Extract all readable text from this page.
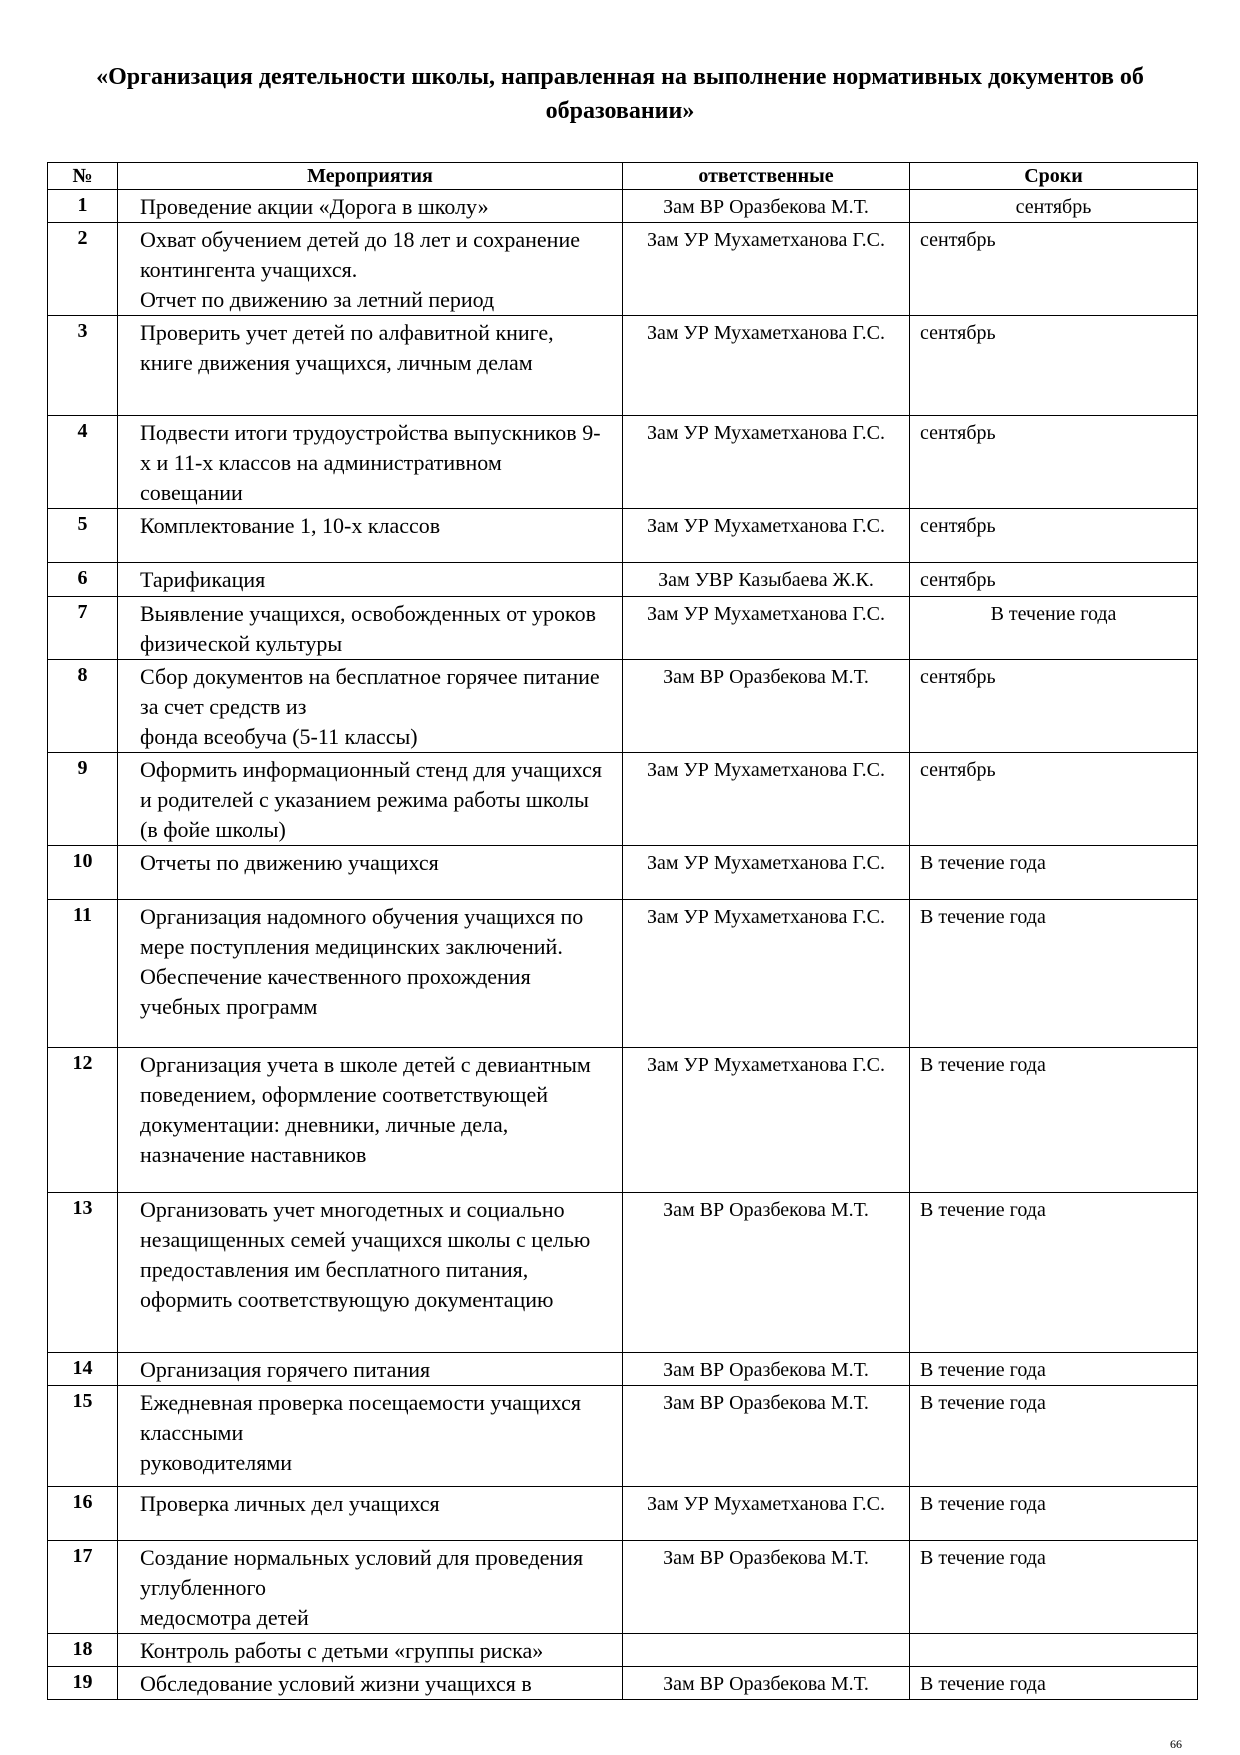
«Организация деятельности школы, направленная на выполнение нормативных документов об образовании»
№	Мероприятия	ответственные	Сроки
1	Проведение акции «Дорога в школу»	Зам ВР Оразбекова М.Т.	сентябрь
2	Охват обучением детей до 18 лет и сохранение контингента учащихся.
Отчет по движению за летний период	Зам УР Мухаметханова Г.С.	сентябрь
3	Проверить учет детей по алфавитной книге, книге движения учащихся, личным делам	Зам УР Мухаметханова Г.С.	сентябрь
4	Подвести итоги трудоустройства выпускников 9-х и 11-х классов на административном совещании	Зам УР Мухаметханова Г.С.	сентябрь
5	Комплектование 1, 10-х классов	Зам УР Мухаметханова Г.С.	сентябрь
6	Тарификация	Зам УВР Казыбаева Ж.К.	сентябрь
7	Выявление учащихся, освобожденных от уроков физической культуры	Зам УР Мухаметханова Г.С.	В течение года
8	Сбор документов на бесплатное горячее питание за счет средств из
фонда всеобуча (5-11 классы)	Зам ВР Оразбекова М.Т.	сентябрь
9	Оформить информационный стенд для учащихся и родителей с указанием режима работы школы (в фойе школы)	Зам УР Мухаметханова Г.С.	сентябрь
10	Отчеты по движению учащихся	Зам УР Мухаметханова Г.С.	В течение года
11	Организация надомного обучения учащихся по мере поступления медицинских заключений.
Обеспечение качественного прохождения учебных программ	Зам УР Мухаметханова Г.С.	В течение года
12	Организация учета в школе детей с девиантным поведением, оформление соответствующей документации: дневники, личные дела, назначение наставников	Зам УР Мухаметханова Г.С.	В течение года
13	Организовать учет многодетных и социально незащищенных семей учащихся школы с целью предоставления им бесплатного питания, оформить соответствующую документацию	Зам ВР Оразбекова М.Т.	В течение года
14	Организация горячего питания	Зам ВР Оразбекова М.Т.	В течение года
15	Ежедневная проверка посещаемости учащихся классными
руководителями	Зам ВР Оразбекова М.Т.	В течение года
16	Проверка личных дел учащихся	Зам УР Мухаметханова Г.С.	В течение года
17	Создание нормальных условий для проведения углубленного
медосмотра детей	Зам ВР Оразбекова М.Т.	В течение года
18	Контроль работы с детьми «группы риска»		
19	Обследование условий жизни учащихся в	Зам ВР Оразбекова М.Т.	В течение года
66
